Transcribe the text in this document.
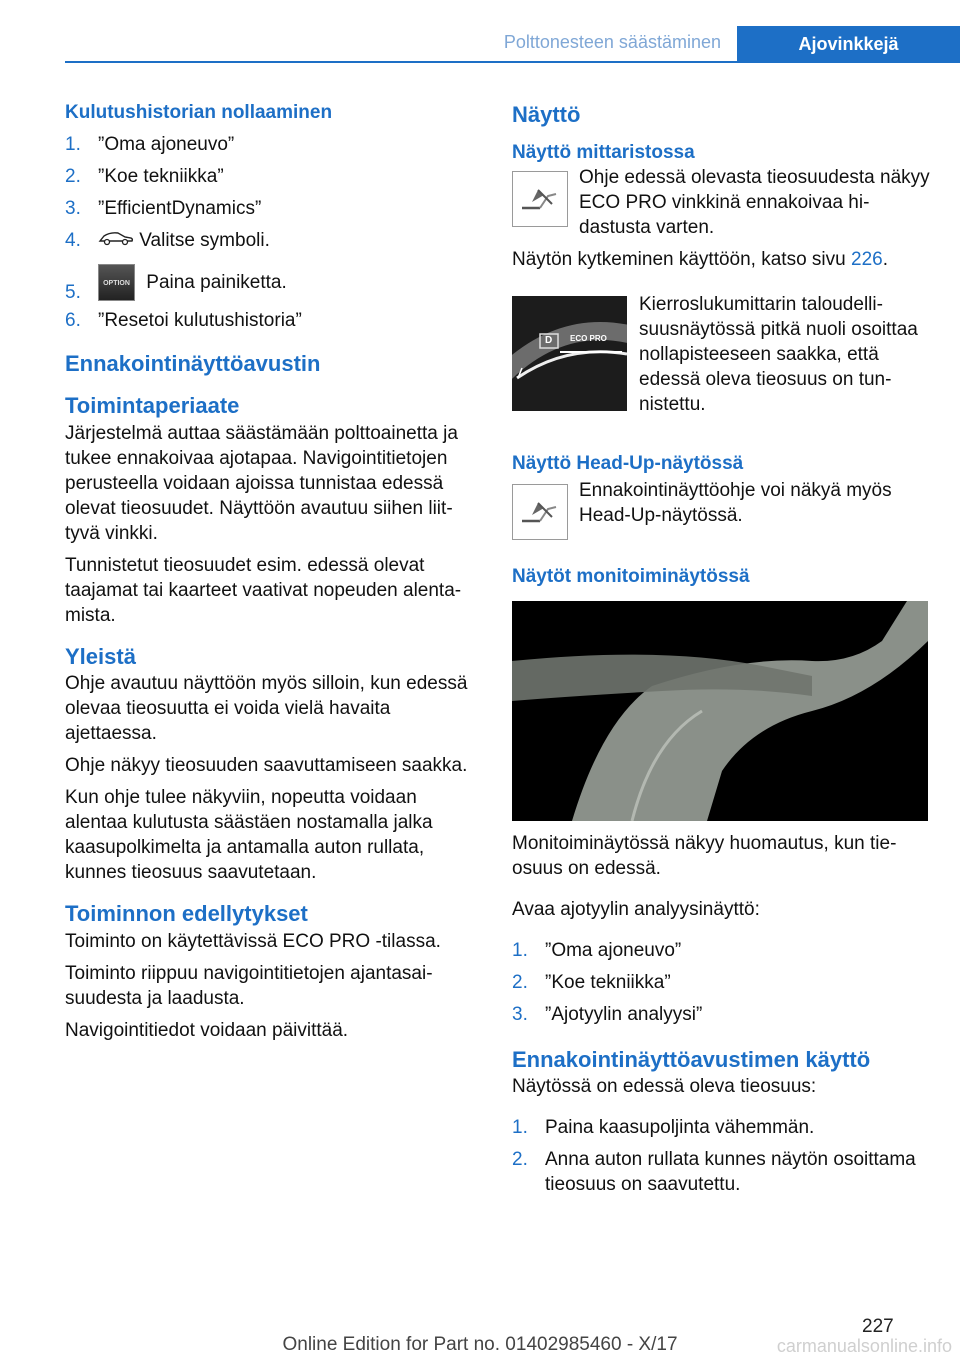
Polttonesteen säästäminen	Ajovinkkejä
Kulutushistorian nollaaminen
1. ”Oma ajoneuvo”
2. ”Koe tekniikka”
3. ”EfficientDynamics”
4.	Valitse symboli.
5.	OPTION Paina painiketta.
6. ”Resetoi kulutushistoria”
Ennakointinäyttöavustin
Toimintaperiaate

Järjestelmä auttaa säästämään polttoainetta ja tukee ennakoivaa ajotapaa. Navigointitietojen perusteella voidaan ajoissa tunnistaa edessä olevat tieosuudet. Näyttöön avautuu siihen liittyvä vinkki.

Tunnistetut tieosuudet esim. edessä olevat taajamat tai kaarteet vaativat nopeuden alentamista.

Yleistä

Ohje avautuu näyttöön myös silloin, kun edessä olevaa tieosuutta ei voida vielä havaita ajettaessa.

Ohje näkyy tieosuuden saavuttamiseen saakka.

Kun ohje tulee näkyviin, nopeutta voidaan alentaa kulutusta säästäen nostamalla jalka kaasupolkimelta ja antamalla auton rullata, kunnes tieosuus saavutetaan.

Toiminnon edellytykset

Toiminto on käytettävissä ECO PRO -tilassa.

Toiminto riippuu navigointitietojen ajantasaisuudesta ja laadusta.

Navigointitiedot voidaan päivittää.

Näyttö
Näyttö mittaristossa

Ohje edessä olevasta tieosuudesta näkyy ECO PRO vinkkinä ennakoivaa hidastusta varten.

Näytön kytkeminen käyttöön, katso sivu 226.

D ECO PRO

Kierroslukumittarin taloudellisuusnäytössä pitkä nuoli osoittaa nollapisteeseen saakka, että edessä oleva tieosuus on tunnistettu.

Näyttö Head-Up-näytössä

Ennakointinäyttöohje voi näkyä myös Head-Up-näytössä.

Näytöt monitoiminäytössä

Monitoiminäytössä näkyy huomautus, kun tieosuus on edessä.

Avaa ajotyylin analyysinäyttö:

1. ”Oma ajoneuvo”
2. ”Koe tekniikka”
3. ”Ajotyylin analyysi”
Ennakointinäyttöavustimen käyttö

Näytössä on edessä oleva tieosuus:

1. Paina kaasupoljinta vähemmän.
2. Anna auton rullata kunnes näytön osoittama tieosuus on saavutettu.
227
Online Edition for Part no. 01402985460 - X/17	carmanualsonline.info
